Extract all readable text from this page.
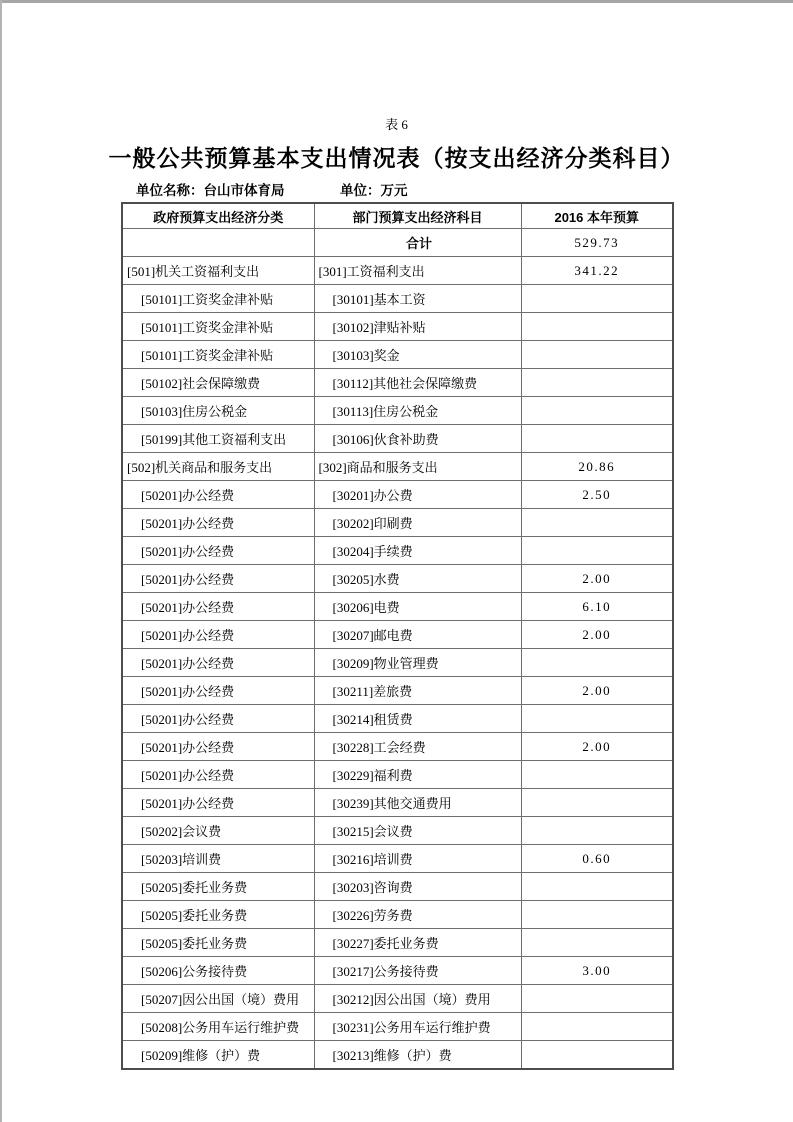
表 6
一般公共预算基本支出情况表（按支出经济分类科目）
单位名称：台山市体育局	单位：万元
政府预算支出经济分类	部门预算支出经济科目	2016 本年预算
	合计	529.73
[501]机关工资福利支出	[301]工资福利支出	341.22
[50101]工资奖金津补贴	[30101]基本工资	
[50101]工资奖金津补贴	[30102]津贴补贴	
[50101]工资奖金津补贴	[30103]奖金	
[50102]社会保障缴费	[30112]其他社会保障缴费	
[50103]住房公税金	[30113]住房公税金	
[50199]其他工资福利支出	[30106]伙食补助费	
[502]机关商品和服务支出	[302]商品和服务支出	20.86
[50201]办公经费	[30201]办公费	2.50
[50201]办公经费	[30202]印刷费	
[50201]办公经费	[30204]手续费	
[50201]办公经费	[30205]水费	2.00
[50201]办公经费	[30206]电费	6.10
[50201]办公经费	[30207]邮电费	2.00
[50201]办公经费	[30209]物业管理费	
[50201]办公经费	[30211]差旅费	2.00
[50201]办公经费	[30214]租赁费	
[50201]办公经费	[30228]工会经费	2.00
[50201]办公经费	[30229]福利费	
[50201]办公经费	[30239]其他交通费用	
[50202]会议费	[30215]会议费	
[50203]培训费	[30216]培训费	0.60
[50205]委托业务费	[30203]咨询费	
[50205]委托业务费	[30226]劳务费	
[50205]委托业务费	[30227]委托业务费	
[50206]公务接待费	[30217]公务接待费	3.00
[50207]因公出国（境）费用	[30212]因公出国（境）费用	
[50208]公务用车运行维护费	[30231]公务用车运行维护费	
[50209]维修（护）费	[30213]维修（护）费	
